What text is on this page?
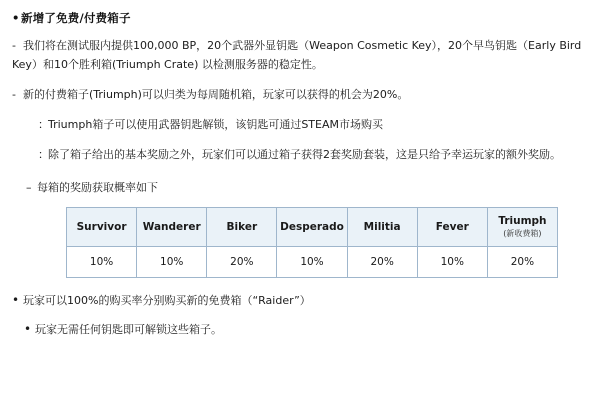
•新增了免费/付费箱子

- 我们将在测试服内提供100,000 BP，20个武器外显钥匙（Weapon Cosmetic Key），20个早鸟钥匙（Early Bird Key）和10个胜利箱(Triumph Crate) 以检测服务器的稳定性。

- 新的付费箱子(Triumph)可以归类为每周随机箱，玩家可以获得的机会为20%。

：Triumph箱子可以使用武器钥匙解锁，该钥匙可通过STEAM市场购买

：除了箱子给出的基本奖励之外，玩家们可以通过箱子获得2套奖励套装，这是只给予幸运玩家的额外奖励。

– 每箱的奖励获取概率如下

Survivor	Wanderer	Biker	Desperado	Militia	Fever	Triumph
(新收费箱)

10%	10%	20%	10%	20%	10%	20%

• 玩家可以100%的购买率分别购买新的免费箱（“Raider”）

• 玩家无需任何钥匙即可解锁这些箱子。
